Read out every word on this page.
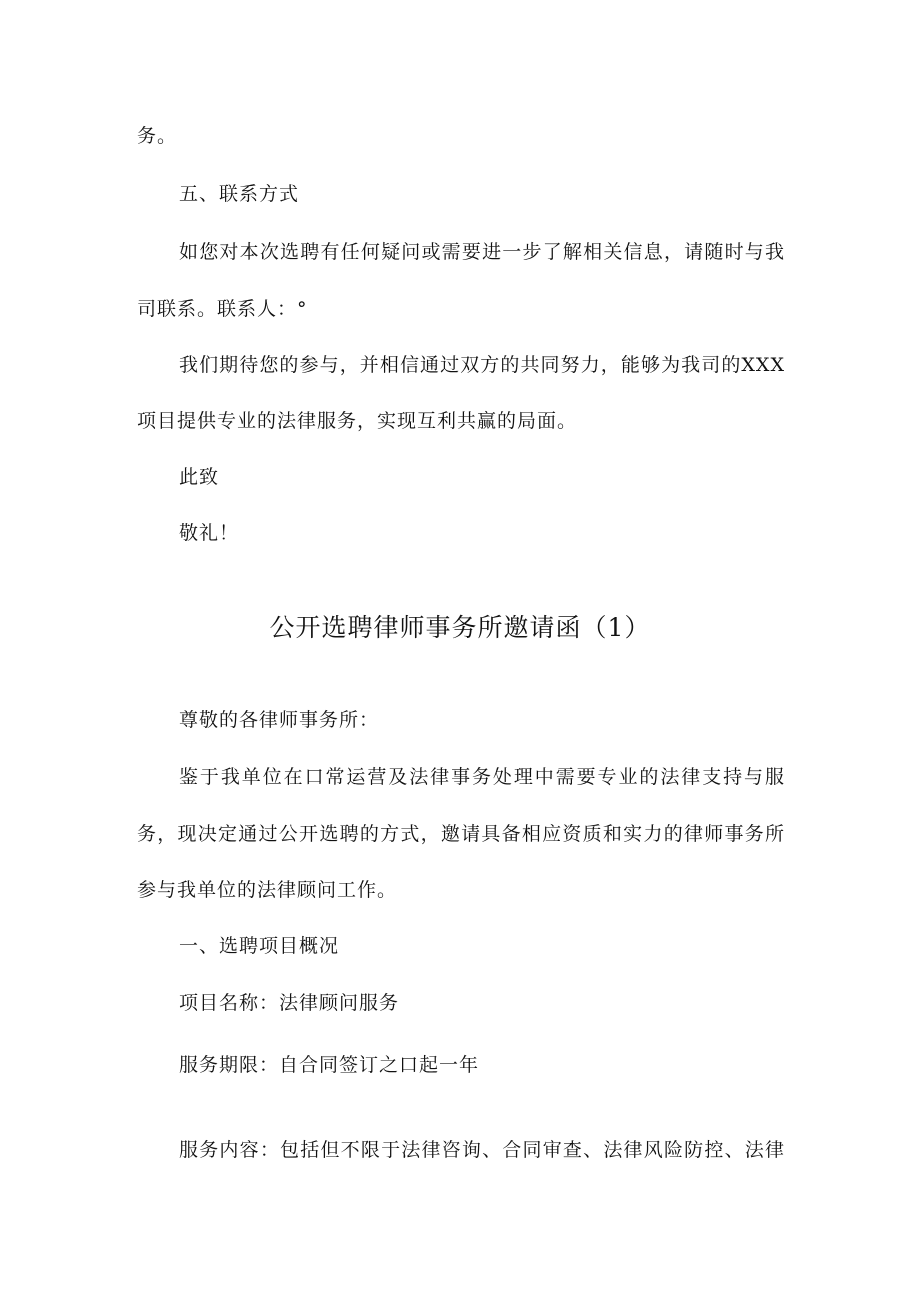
务。
五、联系方式
如您对本次选聘有任何疑问或需要进一步了解相关信息，请随时与我
司联系。联系人：°
我们期待您的参与，并相信通过双方的共同努力，能够为我司的XXX
项目提供专业的法律服务，实现互利共赢的局面。
此致
敬礼！
公开选聘律师事务所邀请函（1）
尊敬的各律师事务所：
鉴于我单位在口常运营及法律事务处理中需要专业的法律支持与服
务，现决定通过公开选聘的方式，邀请具备相应资质和实力的律师事务所
参与我单位的法律顾问工作。
一、选聘项目概况
项目名称：法律顾问服务
服务期限：自合同签订之口起一年
服务内容：包括但不限于法律咨询、合同审查、法律风险防控、法律
